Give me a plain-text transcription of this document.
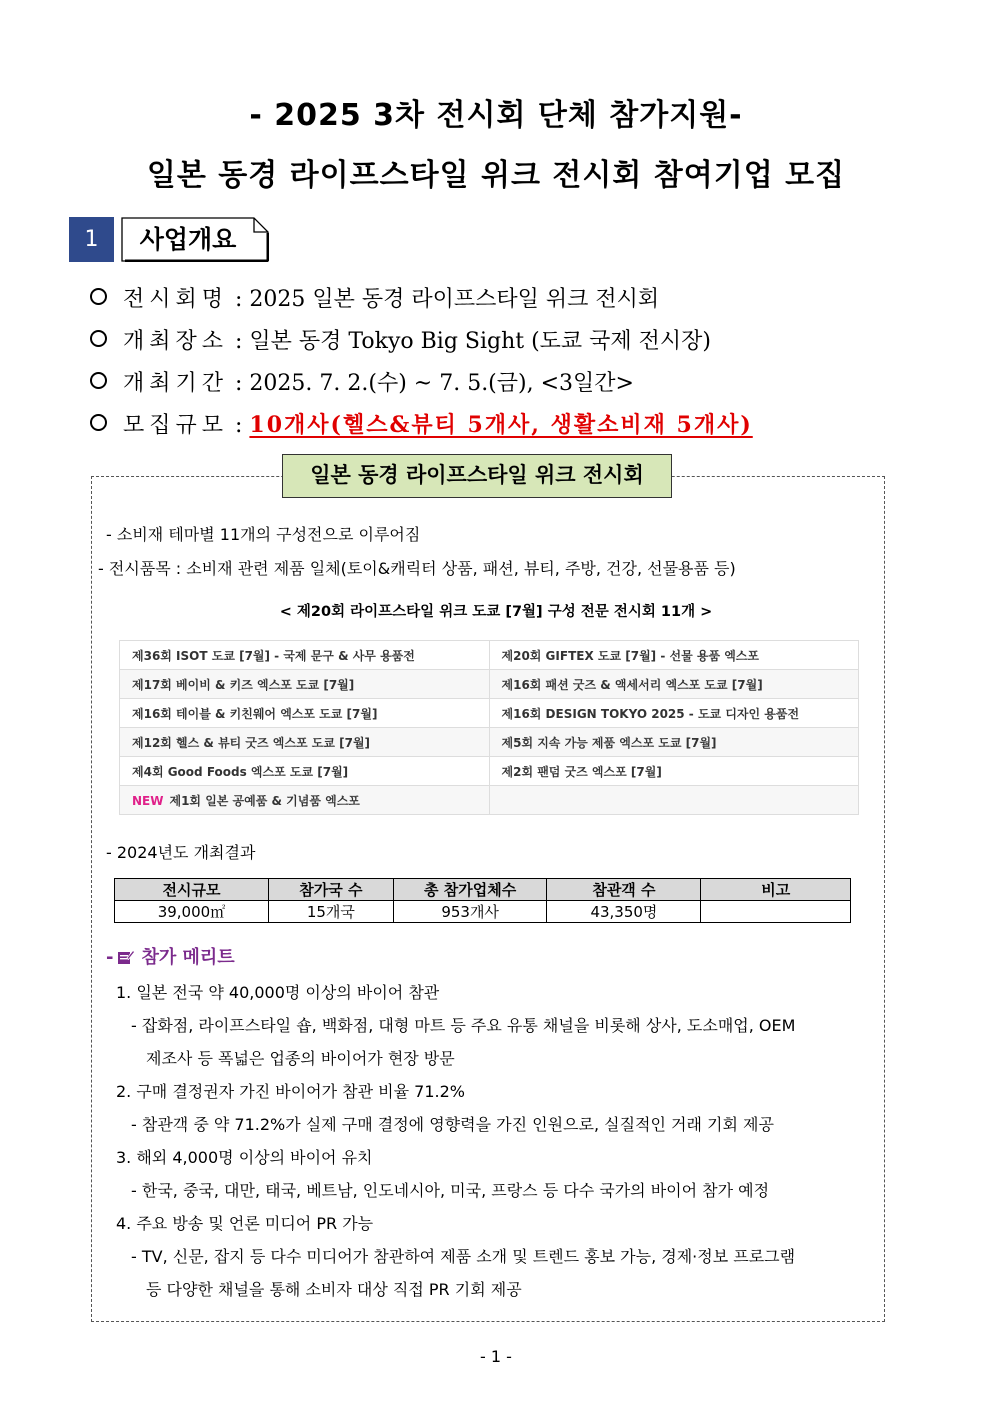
- 2025 3차 전시회 단체 참가지원-
일본 동경 라이프스타일 위크 전시회 참여기업 모집
1	사업개요
전시회명 : 2025 일본 동경 라이프스타일 위크 전시회
개최장소 : 일본 동경 Tokyo Big Sight (도쿄 국제 전시장)
개최기간 : 2025. 7. 2.(수) ~ 7. 5.(금), <3일간>
모집규모 : 10개사(헬스&뷰티 5개사, 생활소비재 5개사)
일본 동경 라이프스타일 위크 전시회
- 소비재 테마별 11개의 구성전으로 이루어짐
- 전시품목 : 소비재 관련 제품 일체(토이&캐릭터 상품, 패션, 뷰티, 주방, 건강, 선물용품 등)
< 제20회 라이프스타일 위크 도쿄 [7월] 구성 전문 전시회 11개 >
제36회 ISOT 도쿄 [7월] - 국제 문구 & 사무 용품전	제20회 GIFTEX 도쿄 [7월] - 선물 용품 엑스포
제17회 베이비 & 키즈 엑스포 도쿄 [7월]	제16회 패션 굿즈 & 액세서리 엑스포 도쿄 [7월]
제16회 테이블 & 키친웨어 엑스포 도쿄 [7월]	제16회 DESIGN TOKYO 2025 - 도쿄 디자인 용품전
제12회 헬스 & 뷰티 굿즈 엑스포 도쿄 [7월]	제5회 지속 가능 제품 엑스포 도쿄 [7월]
제4회 Good Foods 엑스포 도쿄 [7월]	제2회 팬덤 굿즈 엑스포 [7월]
NEW 제1회 일본 공예품 & 기념품 엑스포	
- 2024년도 개최결과
전시규모	참가국 수	총 참가업체수	참관객 수	비고
39,000㎡	15개국	953개사	43,350명	
- 참가 메리트
1. 일본 전국 약 40,000명 이상의 바이어 참관
- 잡화점, 라이프스타일 숍, 백화점, 대형 마트 등 주요 유통 채널을 비롯해 상사, 도소매업, OEM
제조사 등 폭넓은 업종의 바이어가 현장 방문
2. 구매 결정권자 가진 바이어가 참관 비율 71.2%
- 참관객 중 약 71.2%가 실제 구매 결정에 영향력을 가진 인원으로, 실질적인 거래 기회 제공
3. 해외 4,000명 이상의 바이어 유치
- 한국, 중국, 대만, 태국, 베트남, 인도네시아, 미국, 프랑스 등 다수 국가의 바이어 참가 예정
4. 주요 방송 및 언론 미디어 PR 가능
- TV, 신문, 잡지 등 다수 미디어가 참관하여 제품 소개 및 트렌드 홍보 가능, 경제·정보 프로그램
등 다양한 채널을 통해 소비자 대상 직접 PR 기회 제공
- 1 -
